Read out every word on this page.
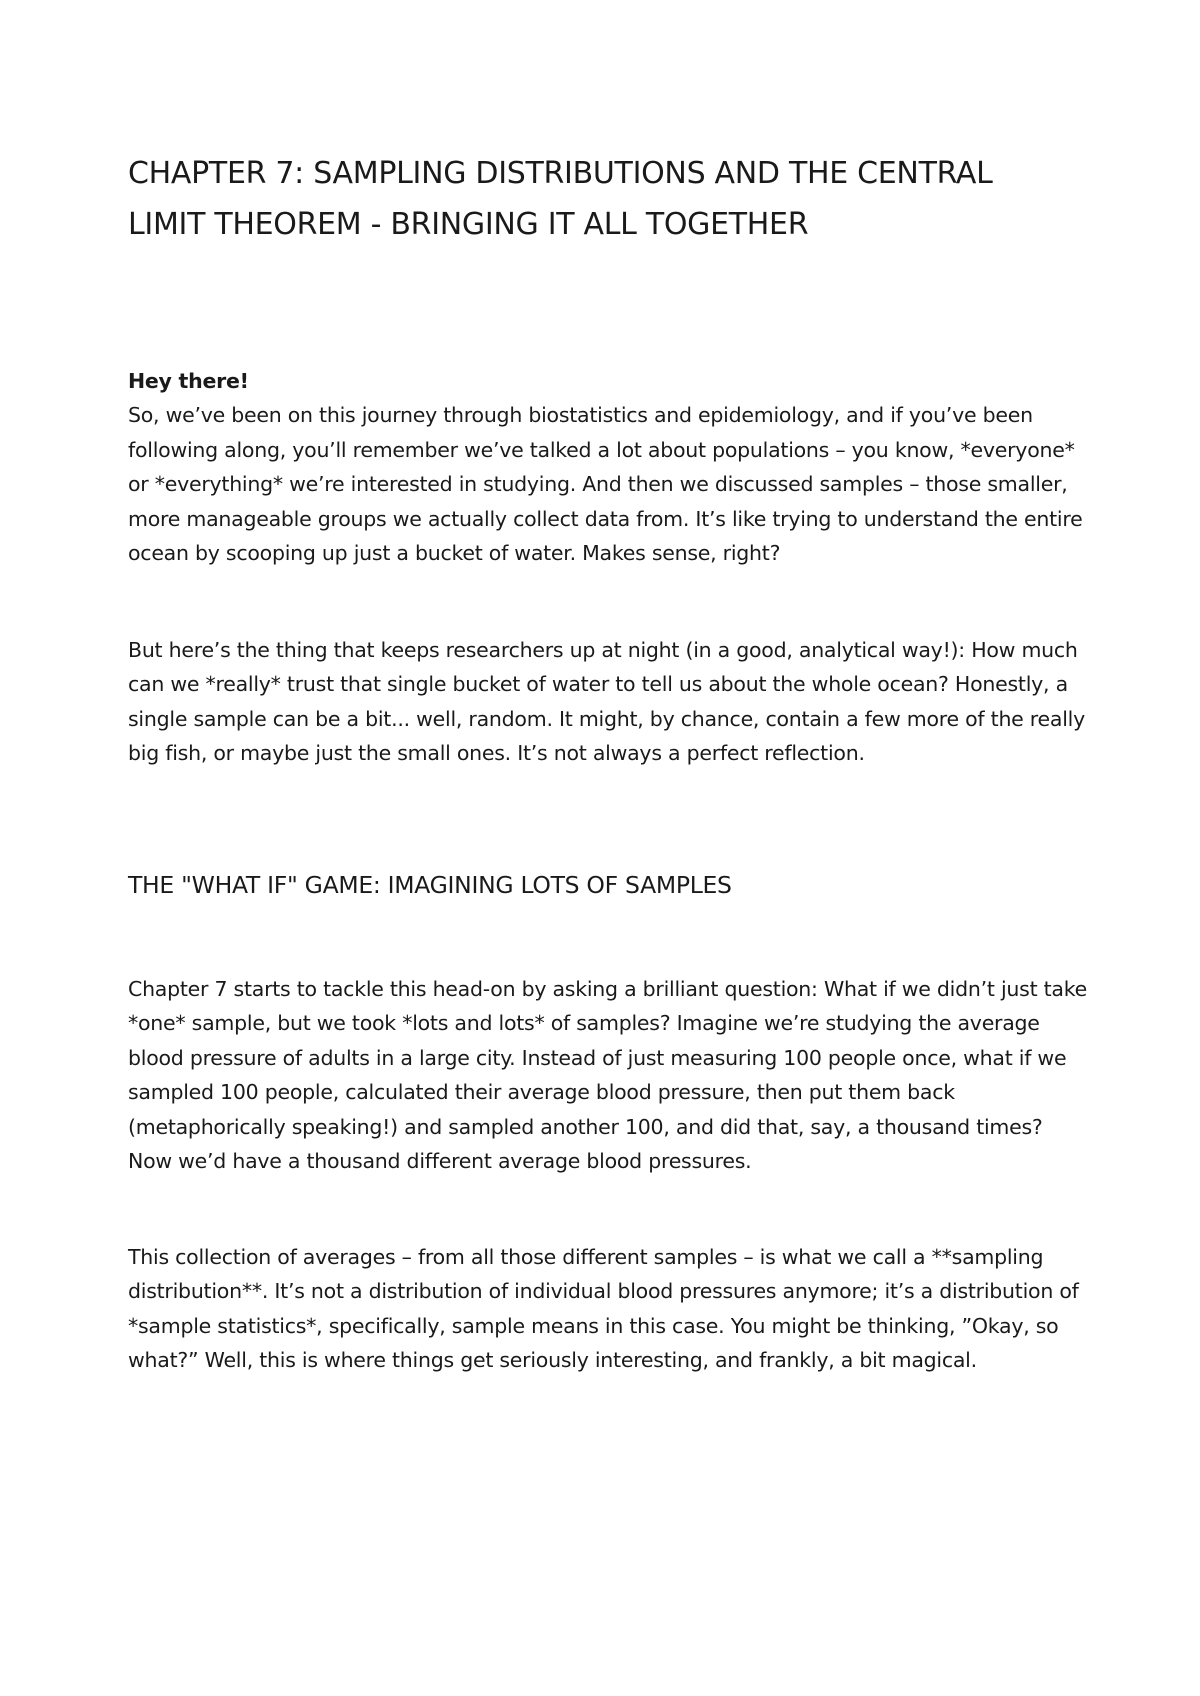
CHAPTER 7: SAMPLING DISTRIBUTIONS AND THE CENTRAL LIMIT THEOREM - BRINGING IT ALL TOGETHER

Hey there!
So, we’ve been on this journey through biostatistics and epidemiology, and if you’ve been following along, you’ll remember we’ve talked a lot about populations – you know, *everyone* or *everything* we’re interested in studying. And then we discussed samples – those smaller, more manageable groups we actually collect data from. It’s like trying to understand the entire ocean by scooping up just a bucket of water. Makes sense, right?

But here’s the thing that keeps researchers up at night (in a good, analytical way!): How much can we *really* trust that single bucket of water to tell us about the whole ocean? Honestly, a single sample can be a bit... well, random. It might, by chance, contain a few more of the really big fish, or maybe just the small ones. It’s not always a perfect reflection.

THE "WHAT IF" GAME: IMAGINING LOTS OF SAMPLES

Chapter 7 starts to tackle this head-on by asking a brilliant question: What if we didn’t just take *one* sample, but we took *lots and lots* of samples? Imagine we’re studying the average blood pressure of adults in a large city. Instead of just measuring 100 people once, what if we sampled 100 people, calculated their average blood pressure, then put them back (metaphorically speaking!) and sampled another 100, and did that, say, a thousand times? Now we’d have a thousand different average blood pressures.

This collection of averages – from all those different samples – is what we call a **sampling distribution**. It’s not a distribution of individual blood pressures anymore; it’s a distribution of *sample statistics*, specifically, sample means in this case. You might be thinking, ”Okay, so what?” Well, this is where things get seriously interesting, and frankly, a bit magical.
